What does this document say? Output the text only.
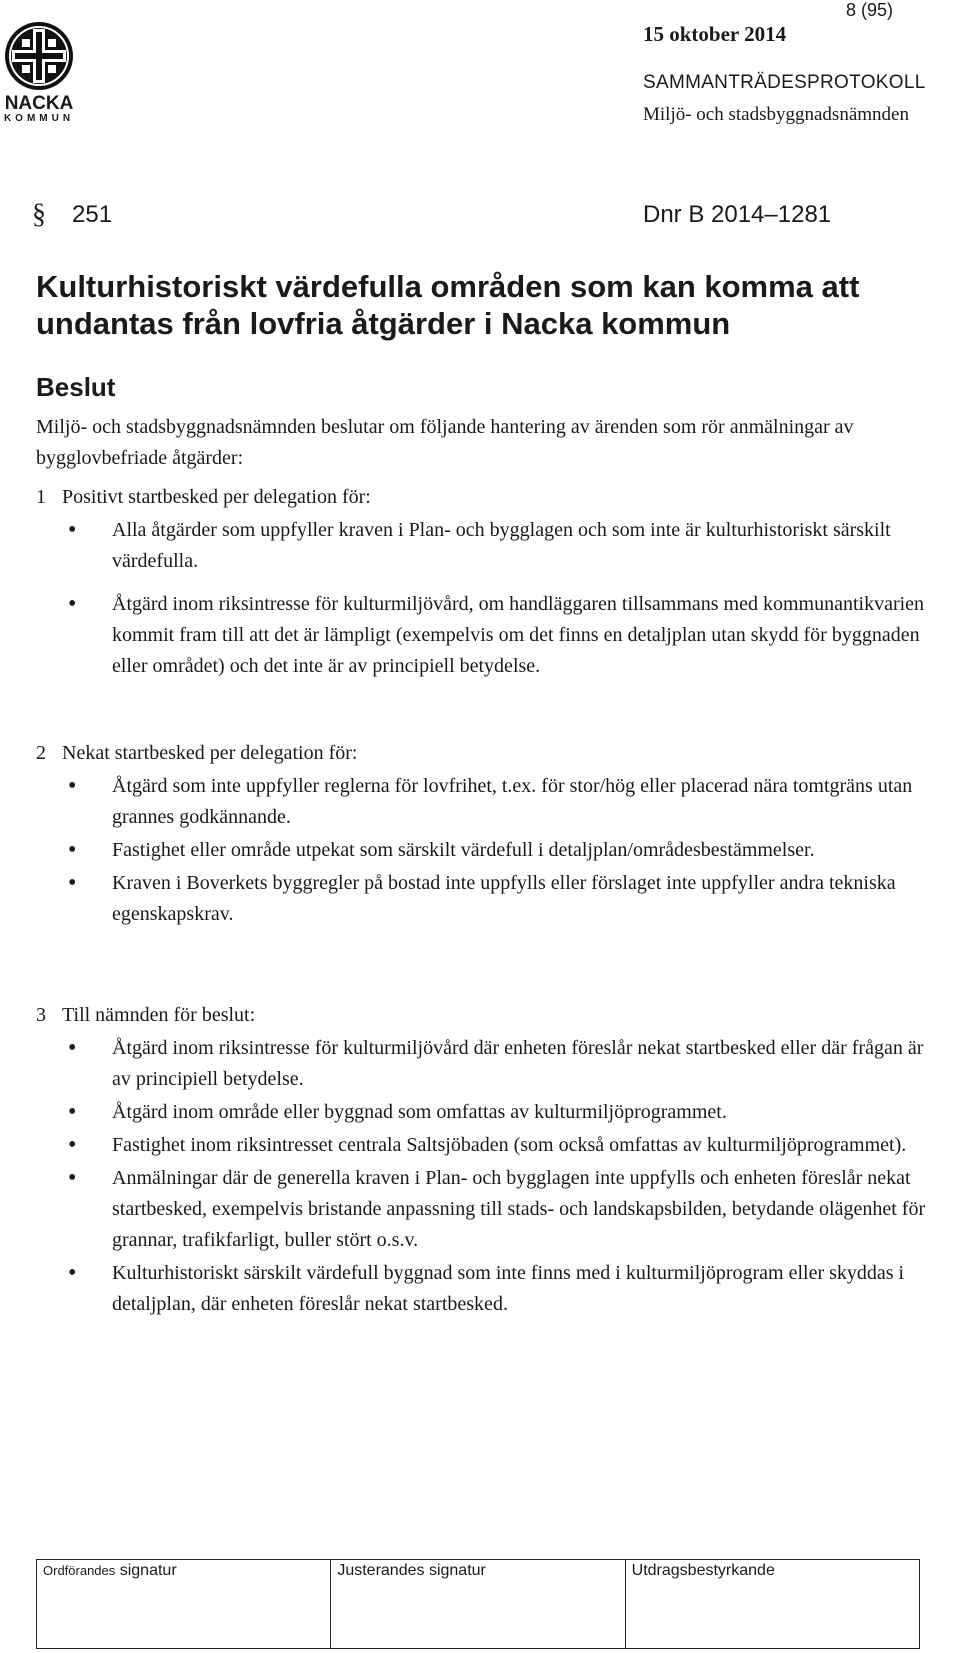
8 (95)
NACKA
KOMMUN
15 oktober 2014
SAMMANTRÄDESPROTOKOLL
Miljö- och stadsbyggnadsnämnden
§ 251	Dnr B 2014–1281
Kulturhistoriskt värdefulla områden som kan komma att undantas från lovfria åtgärder i Nacka kommun
Beslut

Miljö- och stadsbyggnadsnämnden beslutar om följande hantering av ärenden som rör anmälningar av bygglovbefriade åtgärder:

1 Positivt startbesked per delegation för:

• Alla åtgärder som uppfyller kraven i Plan- och bygglagen och som inte är kulturhistoriskt särskilt värdefulla.
• Åtgärd inom riksintresse för kulturmiljövård, om handläggaren tillsammans med kommunantikvarien kommit fram till att det är lämpligt (exempelvis om det finns en detaljplan utan skydd för byggnaden eller området) och det inte är av principiell betydelse.

2 Nekat startbesked per delegation för:

• Åtgärd som inte uppfyller reglerna för lovfrihet, t.ex. för stor/hög eller placerad nära tomtgräns utan grannes godkännande.
• Fastighet eller område utpekat som särskilt värdefull i detaljplan/områdesbestämmelser.
• Kraven i Boverkets byggregler på bostad inte uppfylls eller förslaget inte uppfyller andra tekniska egenskapskrav.

3 Till nämnden för beslut:

• Åtgärd inom riksintresse för kulturmiljövård där enheten föreslår nekat startbesked eller där frågan är av principiell betydelse.
• Åtgärd inom område eller byggnad som omfattas av kulturmiljöprogrammet.
• Fastighet inom riksintresset centrala Saltsjöbaden (som också omfattas av kulturmiljöprogrammet).
• Anmälningar där de generella kraven i Plan- och bygglagen inte uppfylls och enheten föreslår nekat startbesked, exempelvis bristande anpassning till stads- och landskapsbilden, betydande olägenhet för grannar, trafikfarligt, buller stört o.s.v.
• Kulturhistoriskt särskilt värdefull byggnad som inte finns med i kulturmiljöprogram eller skyddas i detaljplan, där enheten föreslår nekat startbesked.
Ordförandes signatur	Justerandes signatur	Utdragsbestyrkande
